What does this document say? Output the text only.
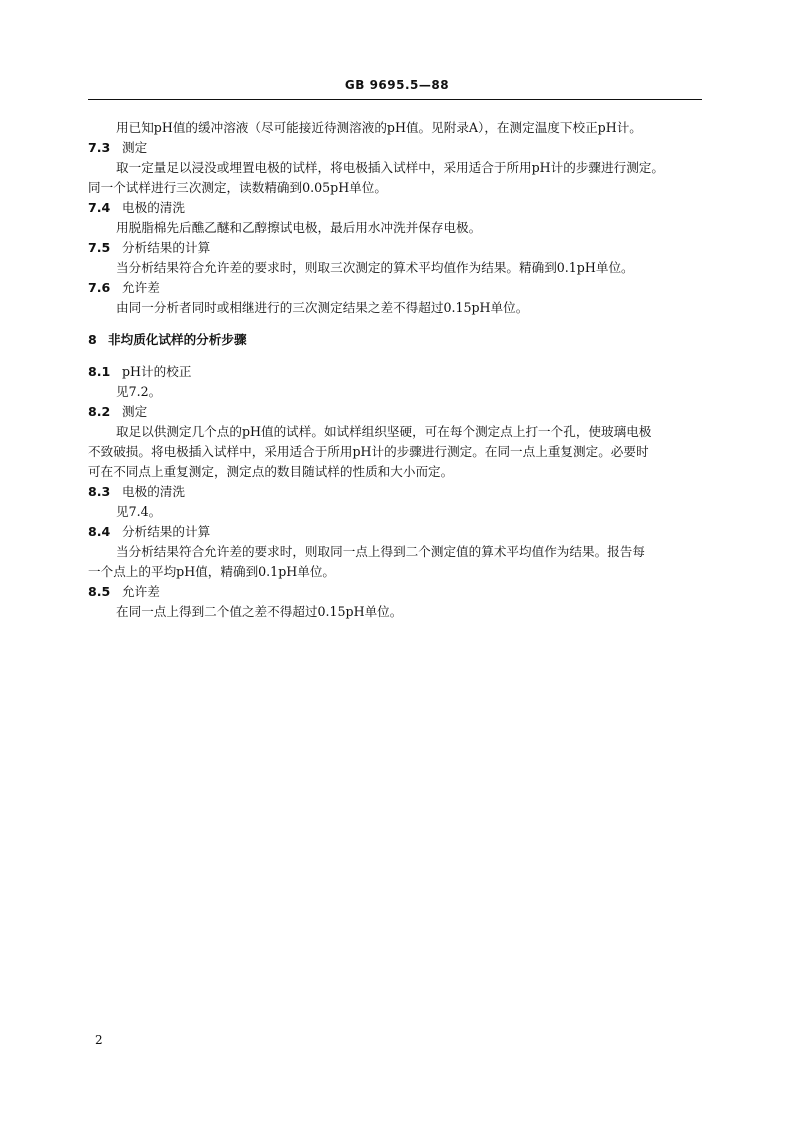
GB 9695.5—88
用已知pH值的缓冲溶液（尽可能接近待测溶液的pH值。见附录A），在测定温度下校正pH计。
7.3 测定
取一定量足以浸没或埋置电极的试样，将电极插入试样中，采用适合于所用pH计的步骤进行测定。
同一个试样进行三次测定，读数精确到0.05pH单位。
7.4 电极的清洗
用脱脂棉先后醮乙醚和乙醇擦试电极，最后用水冲洗并保存电极。
7.5 分析结果的计算
当分析结果符合允许差的要求时，则取三次测定的算术平均值作为结果。精确到0.1pH单位。
7.6 允许差
由同一分析者同时或相继进行的三次测定结果之差不得超过0.15pH单位。
8 非均质化试样的分析步骤
8.1 pH计的校正
见7.2。
8.2 测定
取足以供测定几个点的pH值的试样。如试样组织坚硬，可在每个测定点上打一个孔，使玻璃电极
不致破损。将电极插入试样中，采用适合于所用pH计的步骤进行测定。在同一点上重复测定。必要时
可在不同点上重复测定，测定点的数目随试样的性质和大小而定。
8.3 电极的清洗
见7.4。
8.4 分析结果的计算
当分析结果符合允许差的要求时，则取同一点上得到二个测定值的算术平均值作为结果。报告每
一个点上的平均pH值，精确到0.1pH单位。
8.5 允许差
在同一点上得到二个值之差不得超过0.15pH单位。
2
